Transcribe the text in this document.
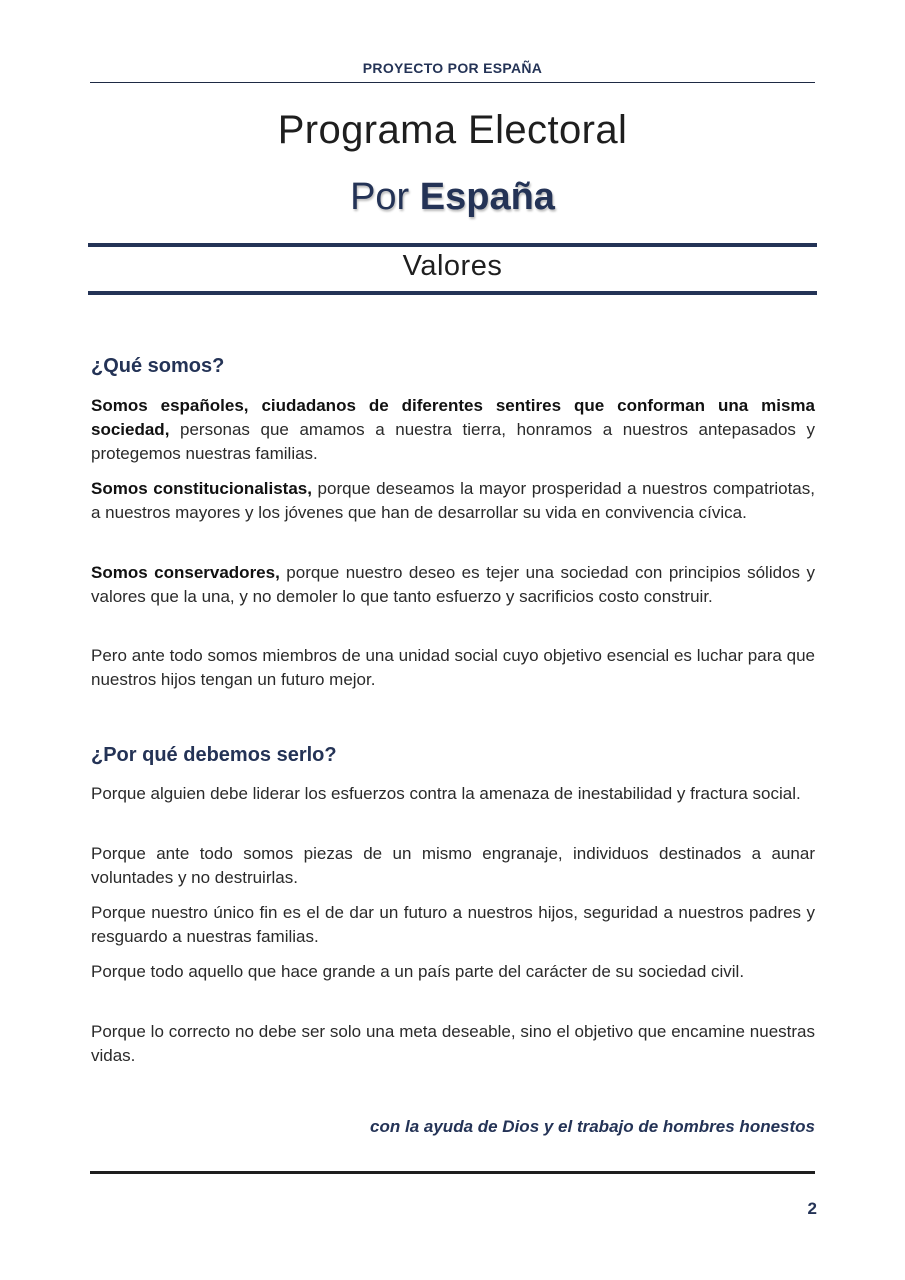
PROYECTO POR ESPAÑA
Programa Electoral
Por España
Valores
¿Qué somos?

Somos españoles, ciudadanos de diferentes sentires que conforman una misma sociedad, personas que amamos a nuestra tierra, honramos a nuestros antepasados y protegemos nuestras familias.

Somos constitucionalistas, porque deseamos la mayor prosperidad a nuestros compatriotas, a nuestros mayores y los jóvenes que han de desarrollar su vida en convivencia cívica.

Somos conservadores, porque nuestro deseo es tejer una sociedad con principios sólidos y valores que la una, y no demoler lo que tanto esfuerzo y sacrificios costo construir.

Pero ante todo somos miembros de una unidad social cuyo objetivo esencial es luchar para que nuestros hijos tengan un futuro mejor.

¿Por qué debemos serlo?

Porque alguien debe liderar los esfuerzos contra la amenaza de inestabilidad y fractura social.

Porque ante todo somos piezas de un mismo engranaje, individuos destinados a aunar voluntades y no destruirlas.

Porque nuestro único fin es el de dar un futuro a nuestros hijos, seguridad a nuestros padres y resguardo a nuestras familias.

Porque todo aquello que hace grande a un país parte del carácter de su sociedad civil.

Porque lo correcto no debe ser solo una meta deseable, sino el objetivo que encamine nuestras vidas.

con la ayuda de Dios y el trabajo de hombres honestos
2
